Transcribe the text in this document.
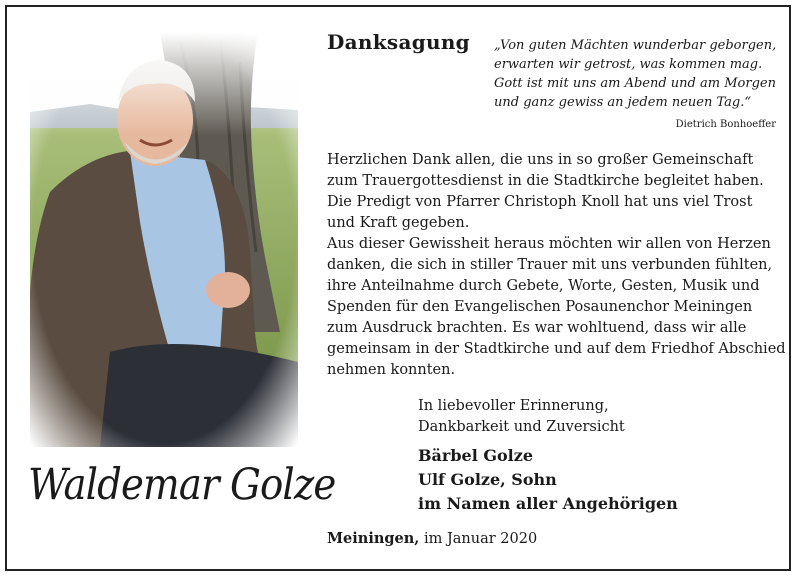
Waldemar Golze
Danksagung „Von guten Mächten wunderbar geborgen,
erwarten wir getrost, was kommen mag.
Gott ist mit uns am Abend und am Morgen
und ganz gewiss an jedem neuen Tag.“
Dietrich Bonhoeffer
Herzlichen Dank allen, die uns in so großer Gemeinschaft
zum Trauergottesdienst in die Stadtkirche begleitet haben.
Die Predigt von Pfarrer Christoph Knoll hat uns viel Trost
und Kraft gegeben.
Aus dieser Gewissheit heraus möchten wir allen von Herzen
danken, die sich in stiller Trauer mit uns verbunden fühlten,
ihre Anteilnahme durch Gebete, Worte, Gesten, Musik und
Spenden für den Evangelischen Posaunenchor Meiningen
zum Ausdruck brachten. Es war wohltuend, dass wir alle
gemeinsam in der Stadtkirche und auf dem Friedhof Abschied
nehmen konnten.
In liebevoller Erinnerung,
Dankbarkeit und Zuversicht
Bärbel Golze
Ulf Golze, Sohn
im Namen aller Angehörigen
Meiningen, im Januar 2020
